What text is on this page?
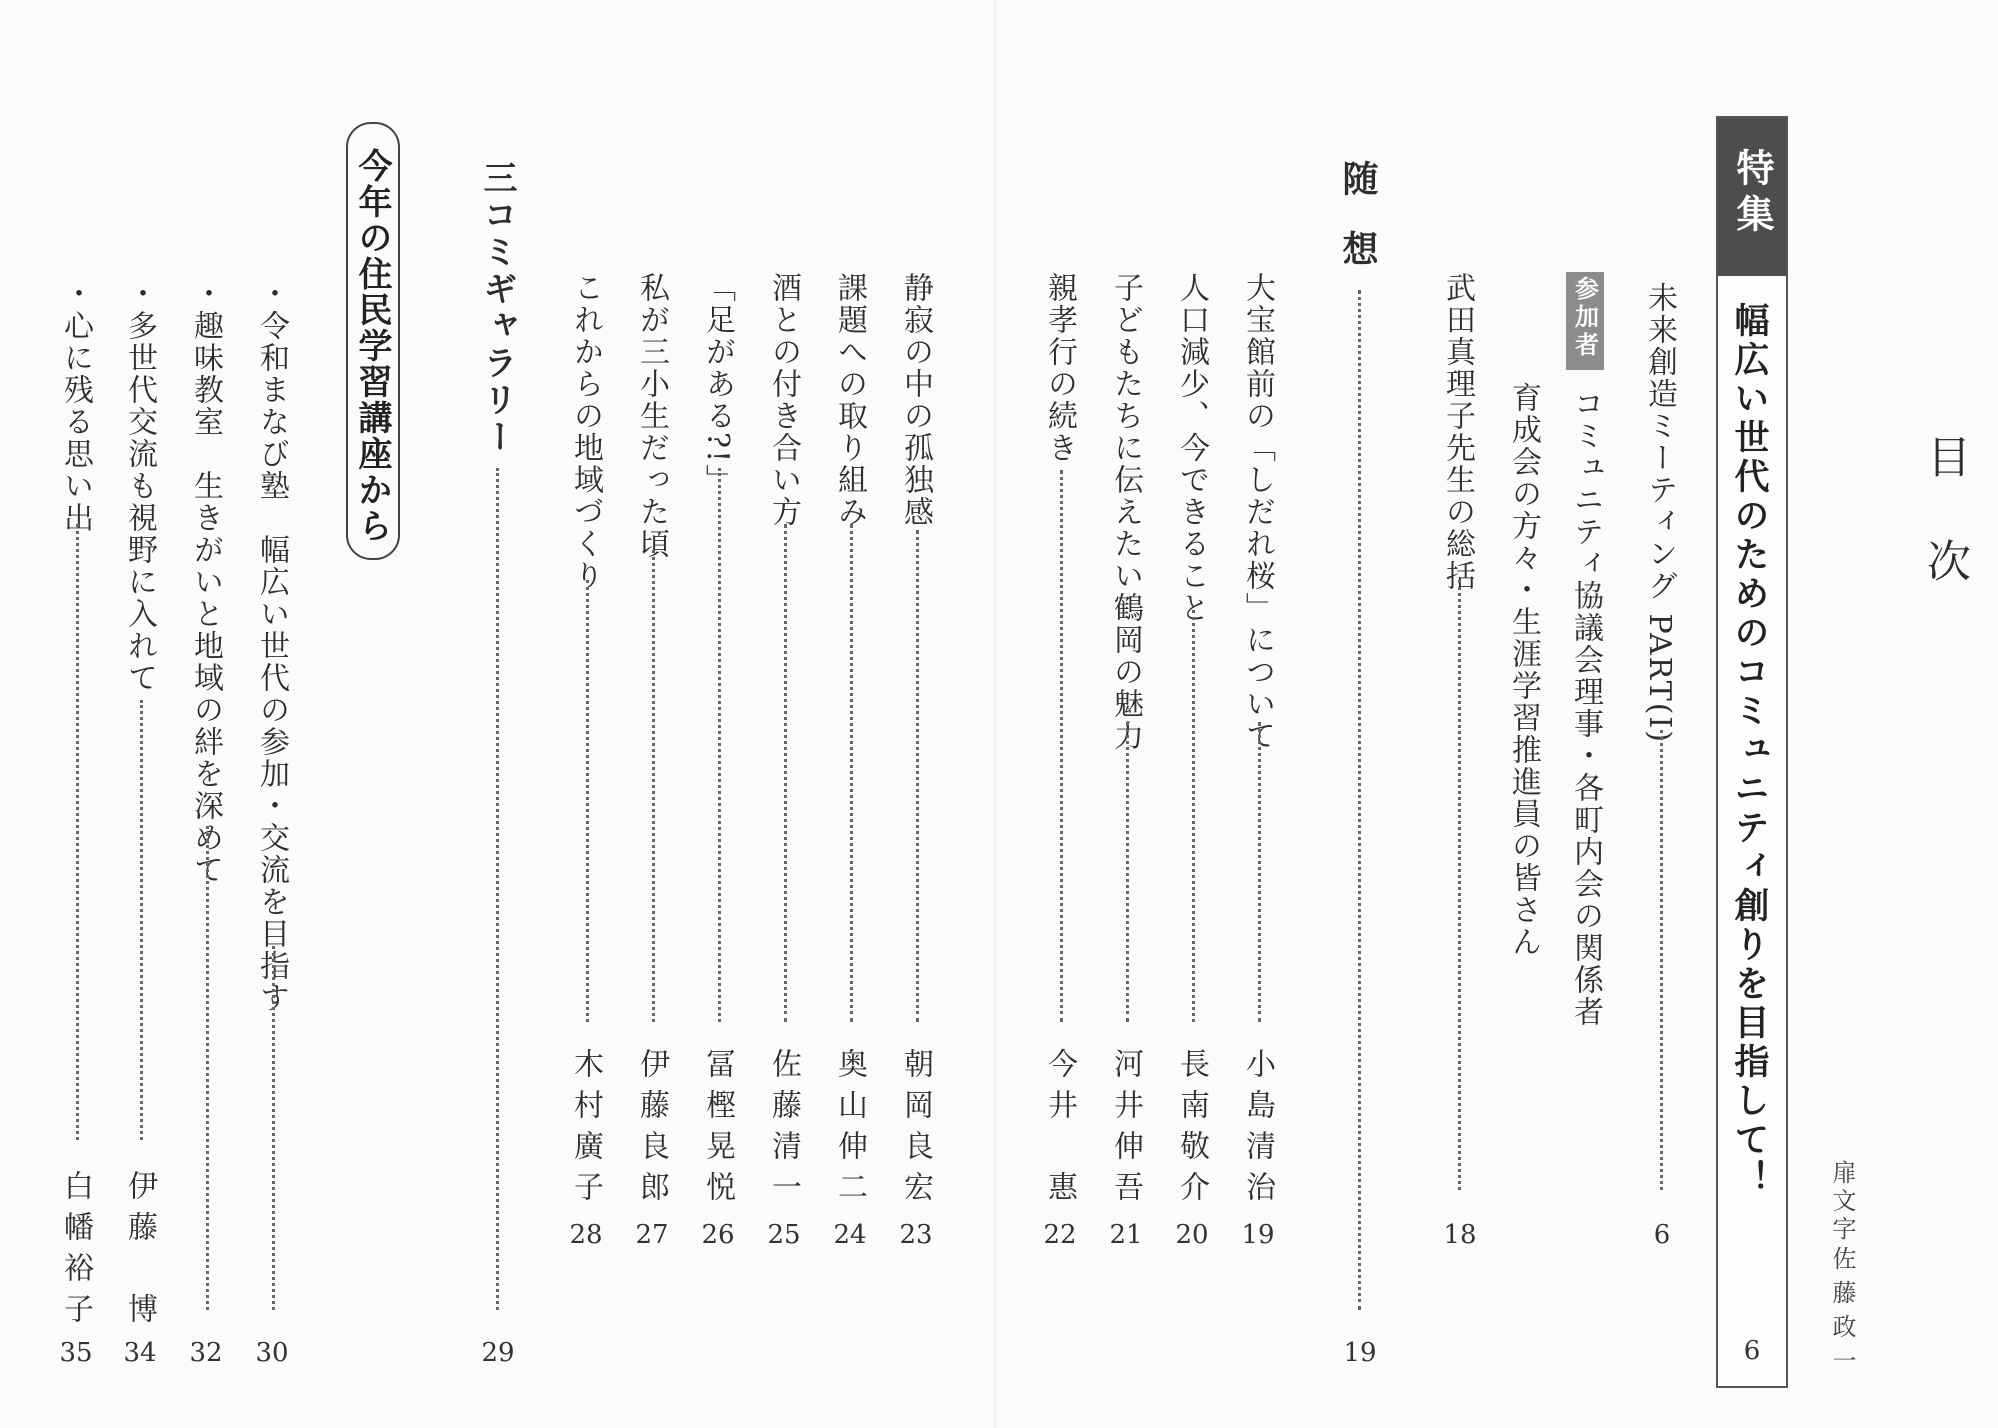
目次
扉文字
佐藤政一
特集
幅広い世代のためのコミュニティ創りを目指して！
6
未来創造ミーティング PART(I)
6
参加者
コミュニティ協議会理事・各町内会の関係者
育成会の方々・生涯学習推進員の皆さん
武田真理子先生の総括
18
随想
19
大宝館前の「しだれ桜」について
小島清治
19
人口減少、今できること
長南敬介
20
子どもたちに伝えたい鶴岡の魅力
河井伸吾
21
親孝行の続き
今井　惠
22
静寂の中の孤独感
朝岡良宏
23
課題への取り組み
奥山伸二
24
酒との付き合い方
佐藤清一
25
「足がある?!」
冨樫晃悦
26
私が三小生だった頃
伊藤良郎
27
これからの地域づくり
木村廣子
28
三コミギャラリー
29
今年の住民学習講座から
・令和まなび塾　幅広い世代の参加・交流を目指す
30
・趣味教室　生きがいと地域の絆を深めて
32
・多世代交流も視野に入れて
伊藤　博
34
・心に残る思い出
白幡裕子
35
